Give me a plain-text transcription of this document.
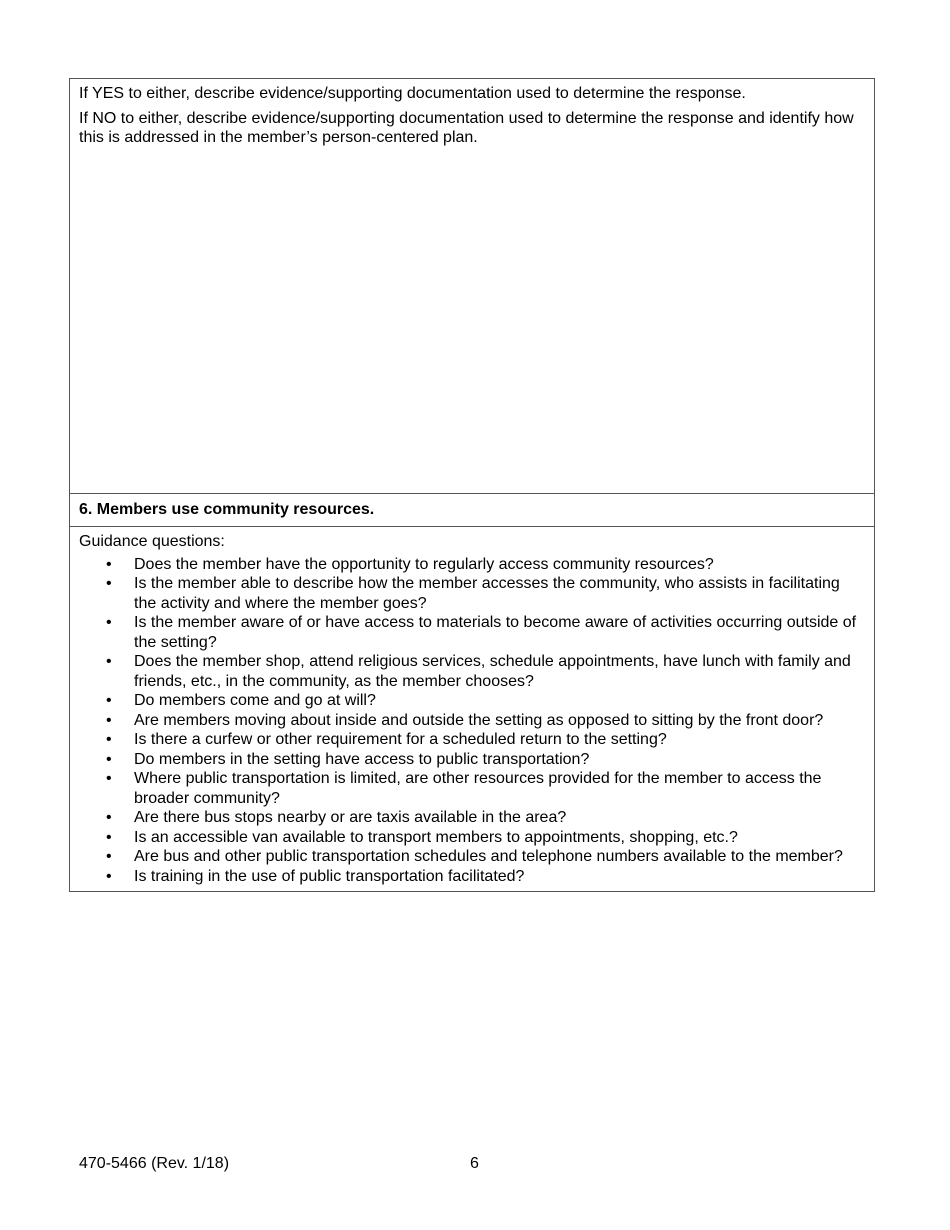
If YES to either, describe evidence/supporting documentation used to determine the response.

If NO to either, describe evidence/supporting documentation used to determine the response and identify how this is addressed in the member’s person-centered plan.

6. Members use community resources.
Guidance questions:
• Does the member have the opportunity to regularly access community resources?
• Is the member able to describe how the member accesses the community, who assists in facilitating the activity and where the member goes?
• Is the member aware of or have access to materials to become aware of activities occurring outside of the setting?
• Does the member shop, attend religious services, schedule appointments, have lunch with family and friends, etc., in the community, as the member chooses?
• Do members come and go at will?
• Are members moving about inside and outside the setting as opposed to sitting by the front door?
• Is there a curfew or other requirement for a scheduled return to the setting?
• Do members in the setting have access to public transportation?
• Where public transportation is limited, are other resources provided for the member to access the broader community?
• Are there bus stops nearby or are taxis available in the area?
• Is an accessible van available to transport members to appointments, shopping, etc.?
• Are bus and other public transportation schedules and telephone numbers available to the member?
• Is training in the use of public transportation facilitated?
470-5466 (Rev. 1/18)	6
